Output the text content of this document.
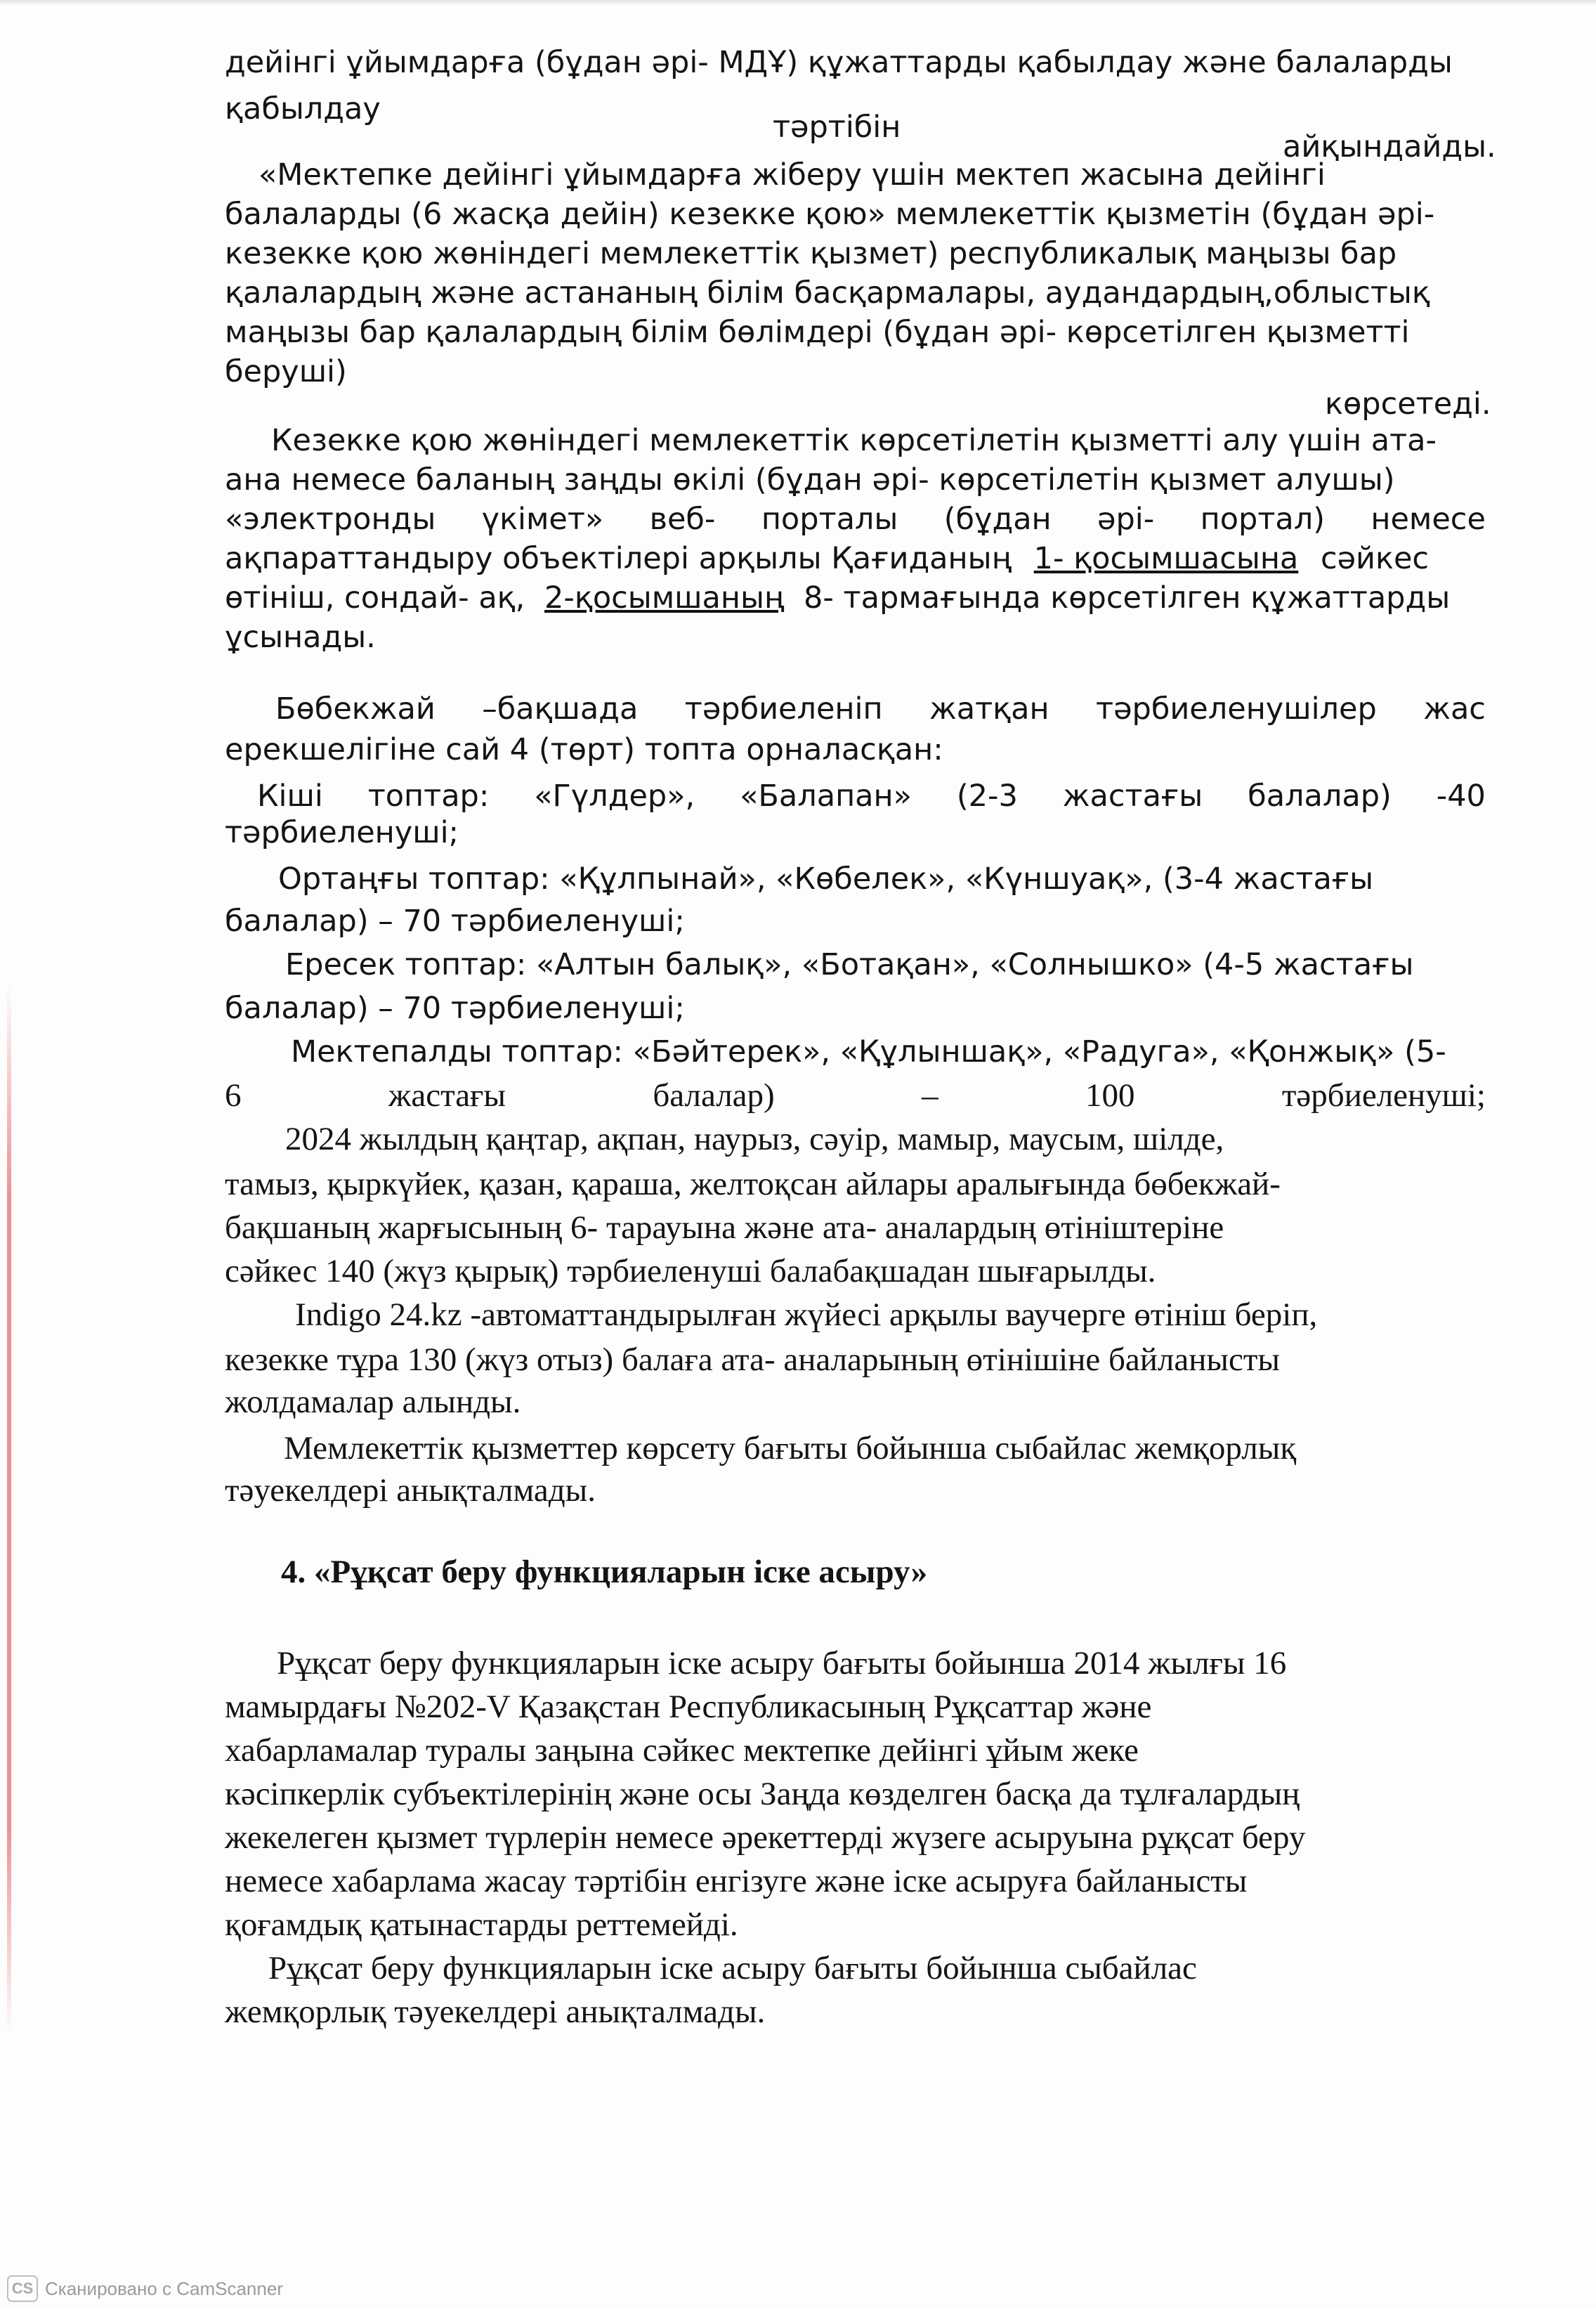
дейінгі ұйымдарға (бұдан әрі- МДҰ) құжаттарды қабылдау және балаларды
қабылдау
тәртібін
айқындайды.
«Мектепке дейінгі ұйымдарға жіберу үшін мектеп жасына дейінгі
балаларды (6 жасқа дейін) кезекке қою» мемлекеттік қызметін (бұдан әрі-
кезекке қою жөніндегі мемлекеттік қызмет) республикалық маңызы бар
қалалардың және астананың білім басқармалары, аудандардың,облыстық
маңызы бар қалалардың білім бөлімдері (бұдан әрі- көрсетілген қызметті
беруші)
көрсетеді.
Кезекке қою жөніндегі мемлекеттік көрсетілетін қызметті алу үшін ата-
ана немесе баланың заңды өкілі (бұдан әрі- көрсетілетін қызмет алушы)
«электронды үкімет» веб- порталы (бұдан әрі- портал) немесе
ақпараттандыру объектілері арқылы Қағиданың 1- қосымшасына сәйкес
өтініш, сондай- ақ, 2-қосымшаның 8- тармағында көрсетілген құжаттарды
ұсынады.
Бөбекжай –бақшада тәрбиеленіп жатқан тәрбиеленушілер жас
ерекшелігіне сай 4 (төрт) топта орналасқан:
Кіші топтар: «Гүлдер», «Балапан» (2-3 жастағы балалар) -40
тәрбиеленуші;
Ортаңғы топтар: «Құлпынай», «Көбелек», «Күншуақ», (3-4 жастағы
балалар) – 70 тәрбиеленуші;
Ересек топтар: «Алтын балық», «Ботақан», «Солнышко» (4-5 жастағы
балалар) – 70 тәрбиеленуші;
Мектепалды топтар: «Бәйтерек», «Құлыншақ», «Радуга», «Қонжық» (5-
6	жастағы	балалар)	–	100	тәрбиеленуші;
2024 жылдың қаңтар, ақпан, наурыз, сәуір, мамыр, маусым, шілде,
тамыз, қыркүйек, қазан, қараша, желтоқсан айлары аралығында бөбекжай-
бақшаның жарғысының 6- тарауына және ата- аналардың өтініштеріне
сәйкес 140 (жүз қырық) тәрбиеленуші балабақшадан шығарылды.
Indigo 24.kz -автоматтандырылған жүйесі арқылы ваучерге өтініш беріп,
кезекке тұра 130 (жүз отыз) балаға ата- аналарының өтінішіне байланысты
жолдамалар алынды.
Мемлекеттік қызметтер көрсету бағыты бойынша сыбайлас жемқорлық
тәуекелдері анықталмады.
4. «Рұқсат беру функцияларын іске асыру»
Рұқсат беру функцияларын іске асыру бағыты бойынша 2014 жылғы 16
мамырдағы №202-V Қазақстан Республикасының Рұқсаттар және
хабарламалар туралы заңына сәйкес мектепке дейінгі ұйым жеке
кәсіпкерлік субъектілерінің және осы Заңда көзделген басқа да тұлғалардың
жекелеген қызмет түрлерін немесе әрекеттерді жүзеге асыруына рұқсат беру
немесе хабарлама жасау тәртібін енгізуге және іске асыруға байланысты
қоғамдық қатынастарды реттемейді.
Рұқсат беру функцияларын іске асыру бағыты бойынша сыбайлас
жемқорлық тәуекелдері анықталмады.
CS Сканировано с CamScanner
